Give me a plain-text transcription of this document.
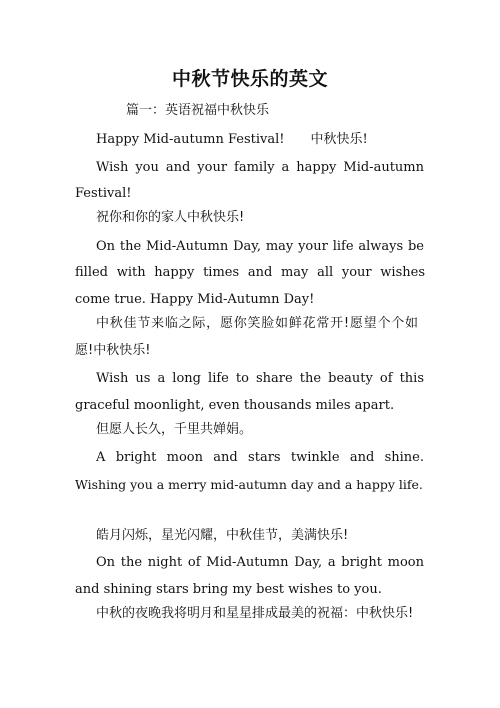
中秋节快乐的英文
篇一：英语祝福中秋快乐
Happy Mid-autumn Festival!　　中秋快乐!
Wish you and your family a happy Mid-autumn
Festival!
祝你和你的家人中秋快乐!
On the Mid-Autumn Day, may your life always be
filled with happy times and may all your wishes
come true. Happy Mid-Autumn Day!
中秋佳节来临之际，愿你笑脸如鲜花常开!愿望个个如
愿!中秋快乐!
Wish us a long life to share the beauty of this
graceful moonlight, even thousands miles apart.
但愿人长久，千里共婵娟。
A bright moon and stars twinkle and shine.
Wishing you a merry mid-autumn day and a happy life.
皓月闪烁，星光闪耀，中秋佳节，美满快乐!
On the night of Mid-Autumn Day, a bright moon
and shining stars bring my best wishes to you.
中秋的夜晚我将明月和星星排成最美的祝福：中秋快乐!
